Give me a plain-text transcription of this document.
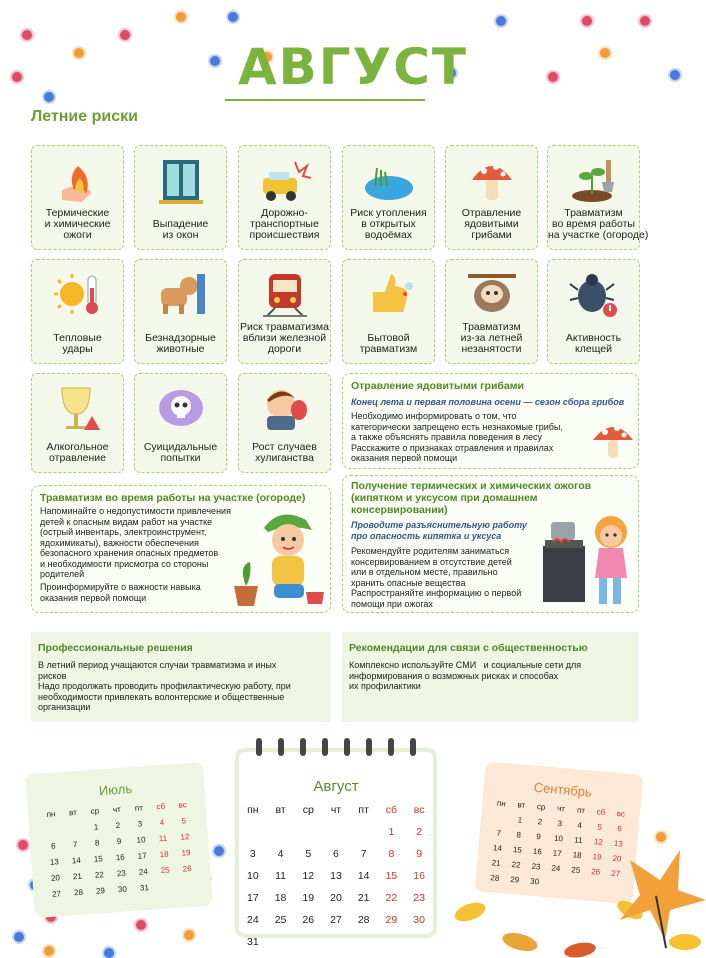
АВГУСТ
Летние риски
Термические
и химические
ожоги
Выпадение
из окон
Дорожно-
транспортные
происшествия
Риск утопления
в открытых
водоёмах
Отравление
ядовитыми
грибами
Травматизм
во время работы
на участке (огороде)
Тепловые
удары
Безнадзорные
животные
Риск травматизма
вблизи железной
дороги
Бытовой
травматизм
Травматизм
из-за летней
незанятости
Активность
клещей
Алкогольное
отравление
Суицидальные
попытки
Рост случаев
хулиганства
Отравление ядовитыми грибами
Конец лета и первая половина осени — сезон сбора грибов
Необходимо информировать о том, что
категорически запрещено есть незнакомые грибы,
а также объяснять правила поведения в лесу
Расскажите о признаках отравления и правилах
оказания первой помощи
Травматизм во время работы на участке (огороде)
Напоминайте о недопустимости привлечения
детей к опасным видам работ на участке
(острый инвентарь, электроинструмент,
ядохимикаты), важности обеспечения
безопасного хранения опасных предметов
и необходимости присмотра со стороны
родителей
Проинформируйте о важности навыка
оказания первой помощи
Получение термических и химических ожогов
(кипятком и уксусом при домашнем
консервировании)
Проводите разъяснительную работу
про опасность кипятка и уксуса
Рекомендуйте родителям заниматься
консервированием в отсутствие детей
или в отдельном месте, правильно
хранить опасные вещества
Распространяйте информацию о первой
помощи при ожогах
Профессиональные решения
В летний период учащаются случаи травматизма и иных
рисков
Надо продолжать проводить профилактическую работу, при
необходимости привлекать волонтерские и общественные
организации
Рекомендации для связи с общественностью
Комплексно используйте СМИ   и социальные сети для
информирования о возможных рисках и способах
их профилактики
Июль
пн	вт	ср	чт	пт	сб	вс
		1	2	3	4	5
6	7	8	9	10	11	12
13	14	15	16	17	18	19
20	21	22	23	24	25	26
27	28	29	30	31		
Сентябрь
пн	вт	ср	чт	пт	сб	вс
	1	2	3	4	5	6
7	8	9	10	11	12	13
14	15	16	17	18	19	20
21	22	23	24	25	26	27
28	29	30				
Август
пн	вт	ср	чт	пт	сб	вс
					1	2
3	4	5	6	7	8	9
10	11	12	13	14	15	16
17	18	19	20	21	22	23
24	25	26	27	28	29	30
31						
